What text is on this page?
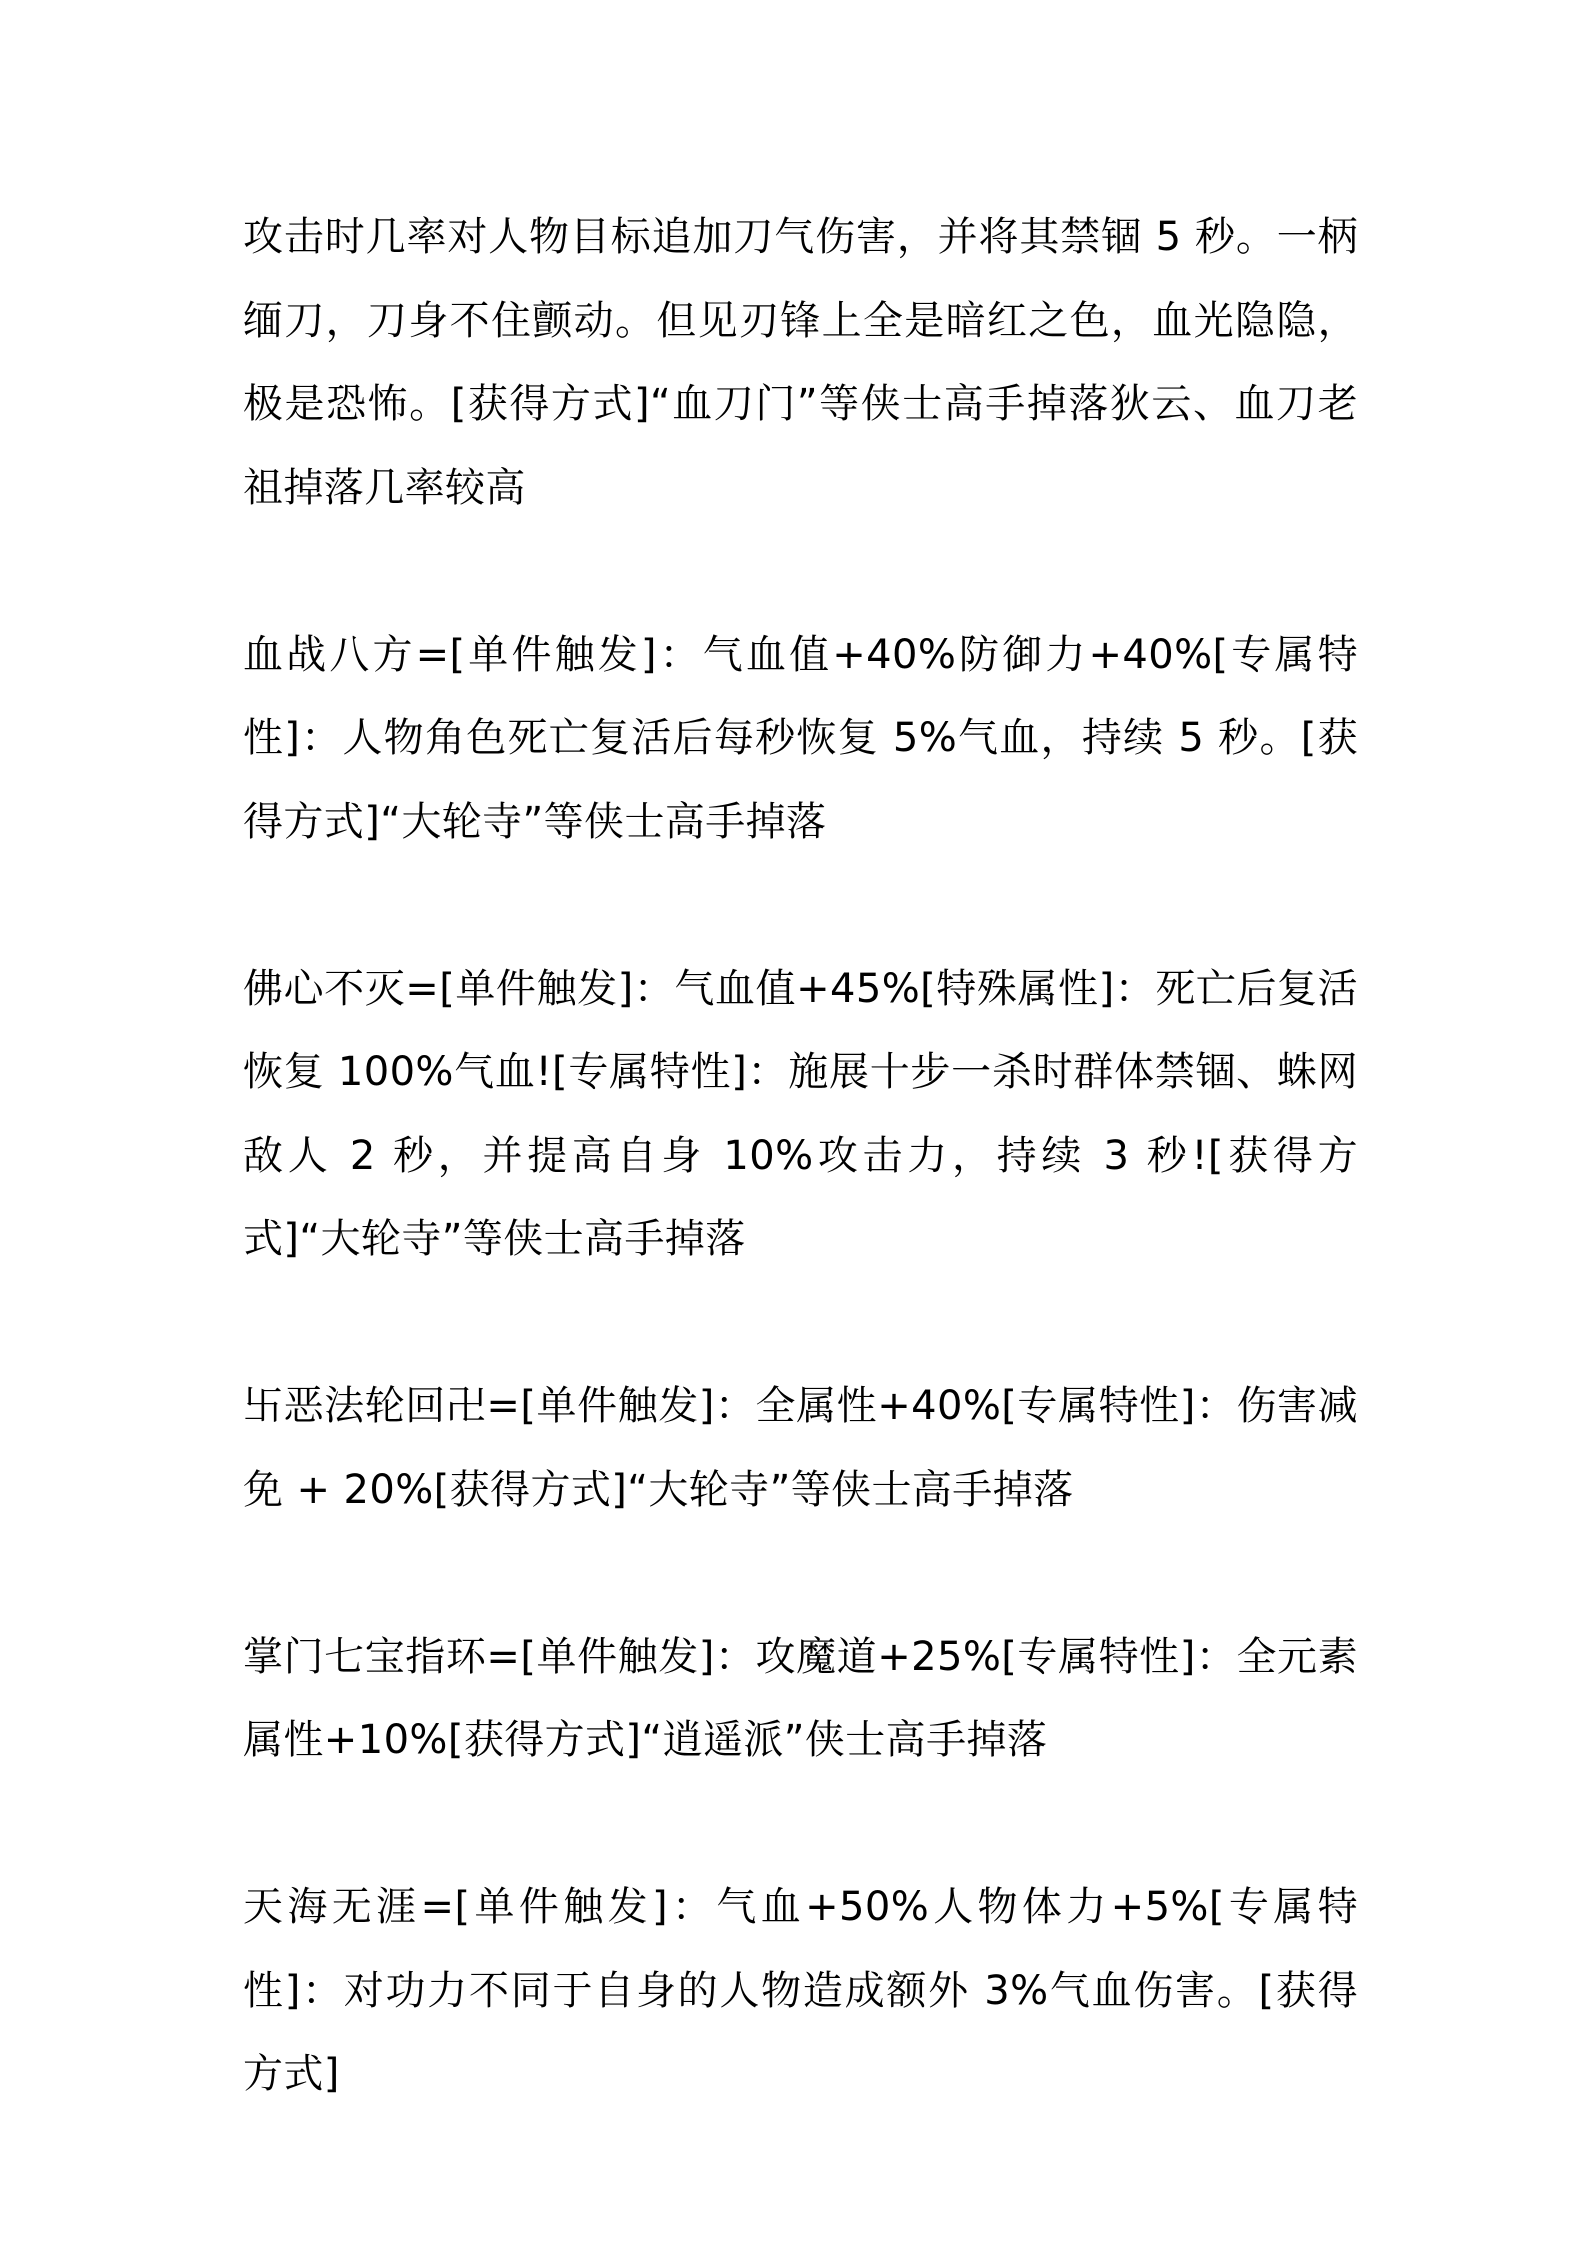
攻击时几率对人物目标追加刀气伤害，并将其禁锢 5 秒。一柄缅刀，刀身不住颤动。但见刃锋上全是暗红之色，血光隐隐，极是恐怖。[获得方式]“血刀门”等侠士高手掉落狄云、血刀老祖掉落几率较高

血战八方=[单件触发]：气血值+40%防御力+40%[专属特性]：人物角色死亡复活后每秒恢复 5%气血，持续 5 秒。[获得方式]“大轮寺”等侠士高手掉落

佛心不灭=[单件触发]：气血值+45%[特殊属性]：死亡后复活恢复 100%气血![专属特性]：施展十步一杀时群体禁锢、蛛网敌人 2 秒，并提高自身 10%攻击力，持续 3 秒![获得方式]“大轮寺”等侠士高手掉落

卐恶法轮回卍=[单件触发]：全属性+40%[专属特性]：伤害减免 + 20%[获得方式]“大轮寺”等侠士高手掉落

掌门七宝指环=[单件触发]：攻魔道+25%[专属特性]：全元素属性+10%[获得方式]“逍遥派”侠士高手掉落

天海无涯=[单件触发]：气血+50%人物体力+5%[专属特性]：对功力不同于自身的人物造成额外 3%气血伤害。[获得方式]
